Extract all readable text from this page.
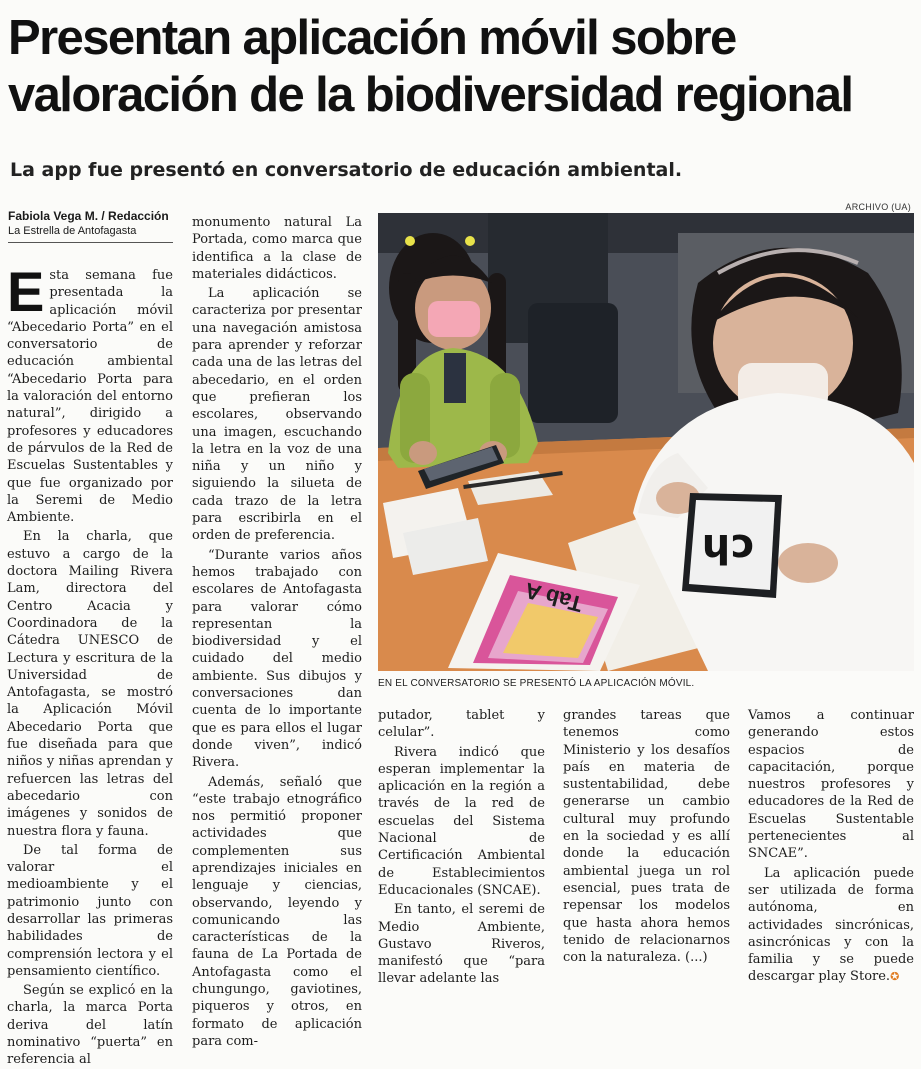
Presentan aplicación móvil sobre valoración de la biodiversidad regional
La app fue presentó en conversatorio de educación ambiental.
Fabiola Vega M. / Redacción
La Estrella de Antofagasta

Esta semana fue presentada la aplicación móvil “Abecedario Porta” en el conversatorio de educación ambiental “Abecedario Porta para la valoración del entorno natural”, dirigido a profesores y educadores de párvulos de la Red de Escuelas Sustentables y que fue organizado por la Seremi de Medio Ambiente.

En la charla, que estuvo a cargo de la doctora Mailing Rivera Lam, directora del Centro Acacia y Coordinadora de la Cátedra UNESCO de Lectura y escritura de la Universidad de Antofagasta, se mostró la Aplicación Móvil Abecedario Porta que fue diseñada para que niños y niñas aprendan y refuercen las letras del abecedario con imágenes y sonidos de nuestra flora y fauna.

De tal forma de valorar el medioambiente y el patrimonio junto con desarrollar las primeras habilidades de comprensión lectora y el pensamiento científico.

Según se explicó en la charla, la marca Porta deriva del latín nominativo “puerta” en referencia al

monumento natural La Portada, como marca que identifica a la clase de materiales didácticos.

La aplicación se caracteriza por presentar una navegación amistosa para aprender y reforzar cada una de las letras del abecedario, en el orden que prefieran los escolares, observando una imagen, escuchando la letra en la voz de una niña y un niño y siguiendo la silueta de cada trazo de la letra para escribirla en el orden de preferencia.

“Durante varios años hemos trabajado con escolares de Antofagasta para valorar cómo representan la biodiversidad y el cuidado del medio ambiente. Sus dibujos y conversaciones dan cuenta de lo importante que es para ellos el lugar donde viven”, indicó Rivera.

Además, señaló que “este trabajo etnográfico nos permitió proponer actividades que complementen sus aprendizajes iniciales en lenguaje y ciencias, observando, leyendo y comunicando las características de la fauna de La Portada de Antofagasta como el chungungo, gaviotines, piqueros y otros, en formato de aplicación para com-

ARCHIVO (UA)
ch
Tab A
EN EL CONVERSATORIO SE PRESENTÓ LA APLICACIÓN MÓVIL.

putador, tablet y celular”.

Rivera indicó que esperan implementar la aplicación en la región a través de la red de escuelas del Sistema Nacional de Certificación Ambiental de Establecimientos Educacionales (SNCAE).

En tanto, el seremi de Medio Ambiente, Gustavo Riveros, manifestó que “para llevar adelante las

grandes tareas que tenemos como Ministerio y los desafíos país en materia de sustentabilidad, debe generarse un cambio cultural muy profundo en la sociedad y es allí donde la educación ambiental juega un rol esencial, pues trata de repensar los modelos que hasta ahora hemos tenido de relacionarnos con la naturaleza. (...)

Vamos a continuar generando estos espacios de capacitación, porque nuestros profesores y educadores de la Red de Escuelas Sustentable pertenecientes al SNCAE”.

La aplicación puede ser utilizada de forma autónoma, en actividades sincrónicas, asincrónicas y con la familia y se puede descargar play Store.✪
